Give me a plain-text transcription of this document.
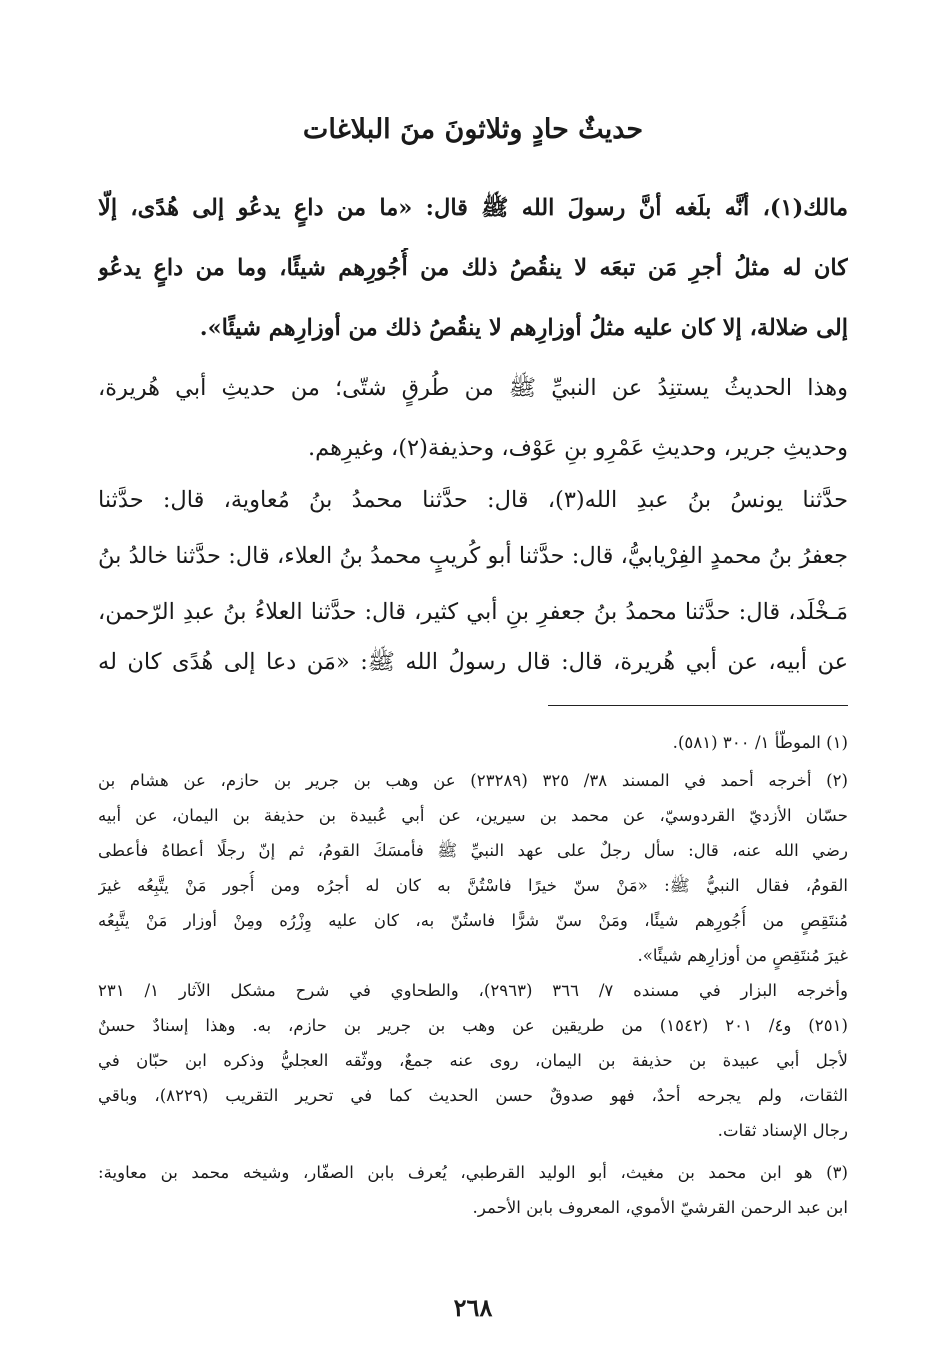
حديثٌ حادٍ وثلاثونَ منَ البلاغات

مالك(١)، أنَّه بلَغه أنَّ رسولَ الله ﷺ قال: «ما من داعٍ يدعُو إلى هُدًى، إلّا

كان له مثلُ أجرِ مَن تبعَه لا ينقُصُ ذلك من أُجُورِهم شيئًا، وما من داعٍ يدعُو

إلى ضلالة، إلا كان عليه مثلُ أوزارِهم لا ينقُصُ ذلك من أوزارِهم شيئًا».

وهذا الحديثُ يستنِدُ عن النبيِّ ﷺ من طُرقٍ شتّى؛ من حديثِ أبي هُريرة،

وحديثِ جرير، وحديثِ عَمْرِو بنِ عَوْف، وحذيفة(٢)، وغيرِهم.

حدَّثنا يونسُ بنُ عبدِ الله(٣)، قال: حدَّثنا محمدُ بنُ مُعاوية، قال: حدَّثنا

جعفرُ بنُ محمدٍ الفِرْيابيُّ، قال: حدَّثنا أبو كُريبٍ محمدُ بنُ العلاء، قال: حدَّثنا خالدُ بنُ

مَـخْلَد، قال: حدَّثنا محمدُ بنُ جعفرِ بنِ أبي كثير، قال: حدَّثنا العلاءُ بنُ عبدِ الرّحمن،

عن أبيه، عن أبي هُريرة، قال: قال رسولُ الله ﷺ: «مَن دعا إلى هُدًى كان له

(١) الموطّأ ١/ ٣٠٠ (٥٨١).

(٢) أخرجه أحمد في المسند ٣٨/ ٣٢٥ (٢٣٢٨٩) عن وهب بن جرير بن حازم، عن هشام بن

حسّان الأزديّ القردوسيّ، عن محمد بن سيرين، عن أبي عُبيدة بن حذيفة بن اليمان، عن أبيه

رضي الله عنه، قال: سأل رجلٌ على عهد النبيِّ ﷺ فأمسَكَ القومُ، ثم إنّ رجلًا أعطاهُ فأعطى

القومُ، فقال النبيُّ ﷺ: «مَنْ سنّ خيرًا فاسْتُنَّ به كان له أجرُه ومن أُجور مَنْ يتَّبِعُه غيرَ

مُنتَقِصٍ من أُجُورِهم شيئًا، ومَنْ سنّ شرًّا فاستُنّ به، كان عليه وِزْرُه ومِنْ أوزار مَنْ يتَّبِعُه

غيرَ مُنتَقِصٍ من أوزارِهم شيئًا».

وأخرجه البزار في مسنده ٧/ ٣٦٦ (٢٩٦٣)، والطحاوي في شرح مشكل الآثار ١/ ٢٣١

(٢٥١) و٤/ ٢٠١ (١٥٤٢) من طريقين عن وهب بن جرير بن حازم، به. وهذا إسنادٌ حسنٌ

لأجل أبي عبيدة بن حذيفة بن اليمان، روى عنه جمعٌ، ووثّقه العجليُّ وذكره ابن حبّان في

الثقات، ولم يجرحه أحدٌ، فهو صدوقٌ حسن الحديث كما في تحرير التقريب (٨٢٢٩)، وباقي

رجال الإسناد ثقات.

(٣) هو ابن محمد بن مغيث، أبو الوليد القرطبي، يُعرف بابن الصفّار، وشيخه محمد بن معاوية:

ابن عبد الرحمن القرشيّ الأموي، المعروف بابن الأحمر.

٢٦٨
